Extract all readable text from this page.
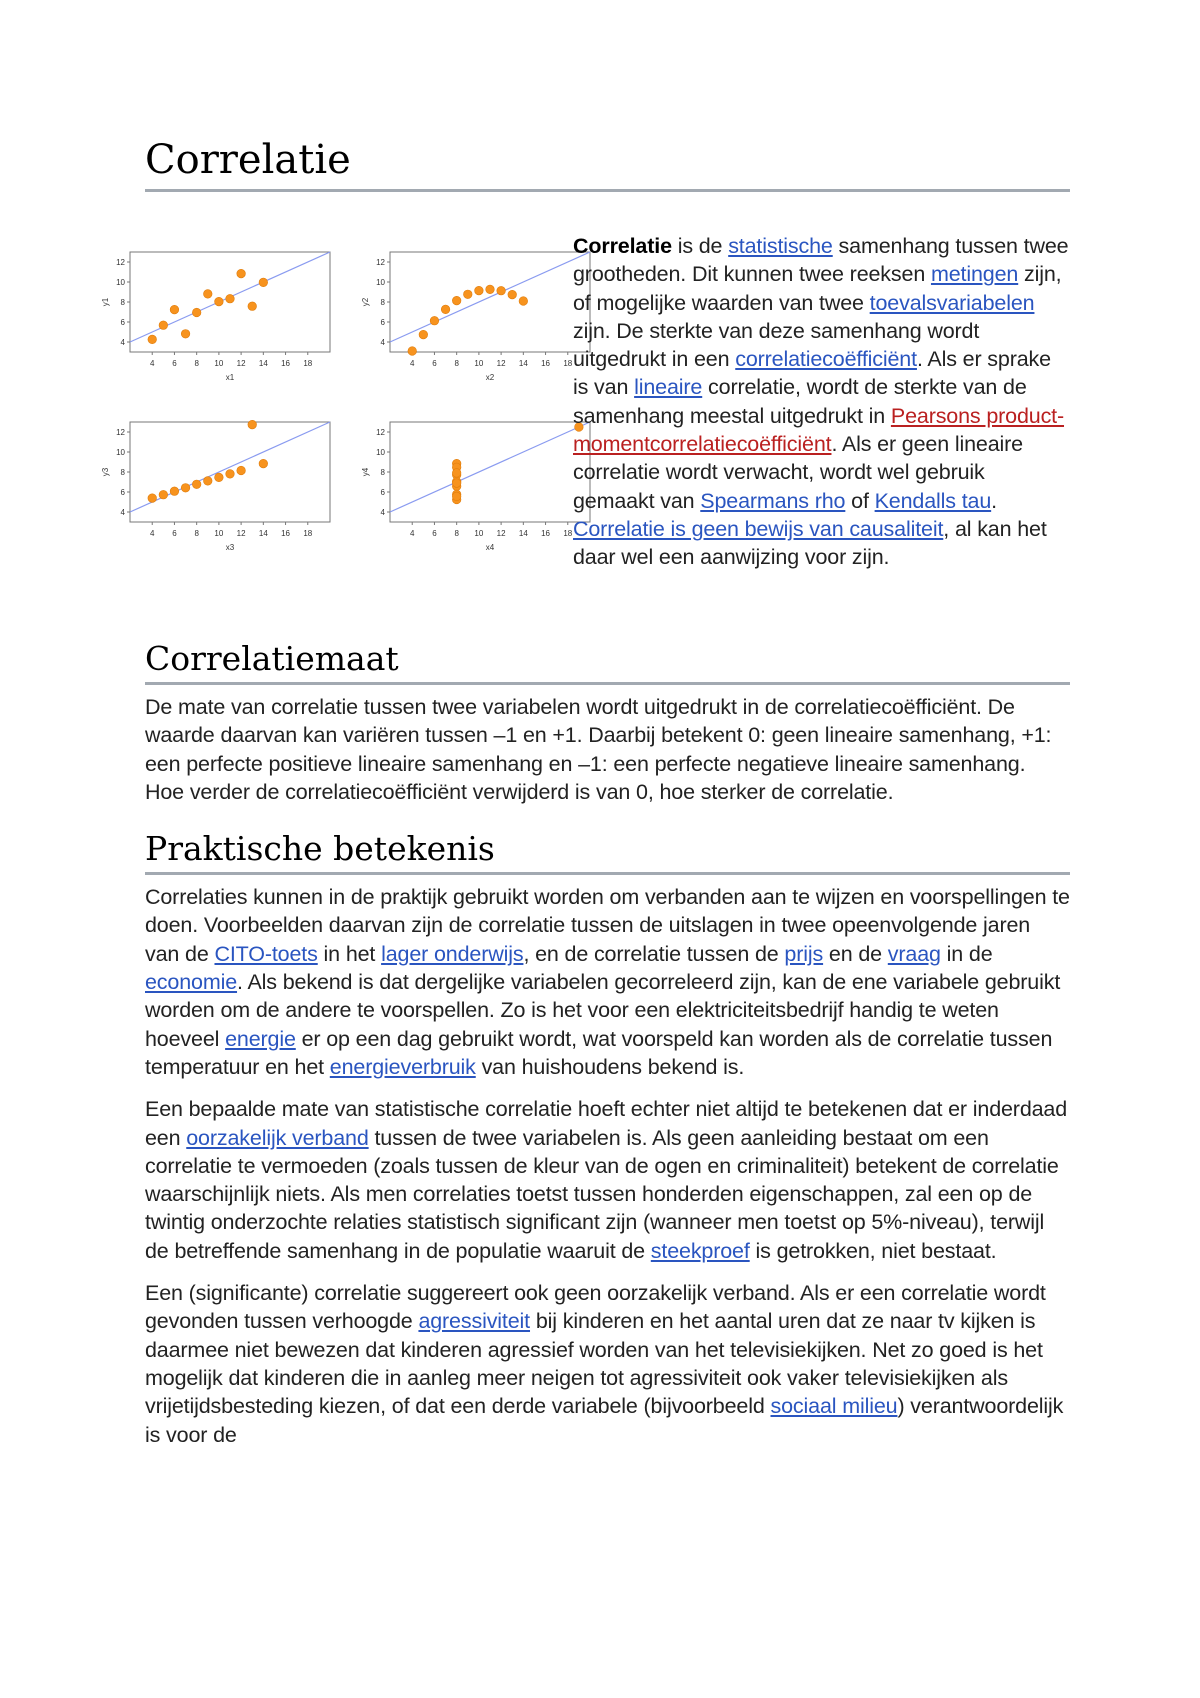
Correlatie
4 6 8 10 12 14 16 18
4
6
8
10
12
x1
y1
4 6 8 10 12 14 16 18
4
6
8
10
12
x2
y2
4 6 8 10 12 14 16 18
4
6
8
10
12
x3
y3
4 6 8 10 12 14 16 18
4
6
8
10
12
x4
y4

Correlatie is de statistische samenhang tussen twee grootheden. Dit kunnen twee reeksen metingen zijn, of mogelijke waarden van twee toevalsvariabelen zijn. De sterkte van deze samenhang wordt uitgedrukt in een correlatiecoëfficiënt. Als er sprake is van lineaire correlatie, wordt de sterkte van de samenhang meestal uitgedrukt in Pearsons product-momentcorrelatiecoëfficiënt. Als er geen lineaire correlatie wordt verwacht, wordt wel gebruik gemaakt van Spearmans rho of Kendalls tau. Correlatie is geen bewijs van causaliteit, al kan het daar wel een aanwijzing voor zijn.

Correlatiemaat

De mate van correlatie tussen twee variabelen wordt uitgedrukt in de correlatiecoëfficiënt. De waarde daarvan kan variëren tussen –1 en +1. Daarbij betekent 0: geen lineaire samenhang, +1: een perfecte positieve lineaire samenhang en –1: een perfecte negatieve lineaire samenhang. Hoe verder de correlatiecoëfficiënt verwijderd is van 0, hoe sterker de correlatie.

Praktische betekenis

Correlaties kunnen in de praktijk gebruikt worden om verbanden aan te wijzen en voorspellingen te doen. Voorbeelden daarvan zijn de correlatie tussen de uitslagen in twee opeenvolgende jaren van de CITO-toets in het lager onderwijs, en de correlatie tussen de prijs en de vraag in de economie. Als bekend is dat dergelijke variabelen gecorreleerd zijn, kan de ene variabele gebruikt worden om de andere te voorspellen. Zo is het voor een elektriciteitsbedrijf handig te weten hoeveel energie er op een dag gebruikt wordt, wat voorspeld kan worden als de correlatie tussen temperatuur en het energieverbruik van huishoudens bekend is.

Een bepaalde mate van statistische correlatie hoeft echter niet altijd te betekenen dat er inderdaad een oorzakelijk verband tussen de twee variabelen is. Als geen aanleiding bestaat om een correlatie te vermoeden (zoals tussen de kleur van de ogen en criminaliteit) betekent de correlatie waarschijnlijk niets. Als men correlaties toetst tussen honderden eigenschappen, zal een op de twintig onderzochte relaties statistisch significant zijn (wanneer men toetst op 5%-niveau), terwijl de betreffende samenhang in de populatie waaruit de steekproef is getrokken, niet bestaat.

Een (significante) correlatie suggereert ook geen oorzakelijk verband. Als er een correlatie wordt gevonden tussen verhoogde agressiviteit bij kinderen en het aantal uren dat ze naar tv kijken is daarmee niet bewezen dat kinderen agressief worden van het televisiekijken. Net zo goed is het mogelijk dat kinderen die in aanleg meer neigen tot agressiviteit ook vaker televisiekijken als vrijetijdsbesteding kiezen, of dat een derde variabele (bijvoorbeeld sociaal milieu) verantwoordelijk is voor de
